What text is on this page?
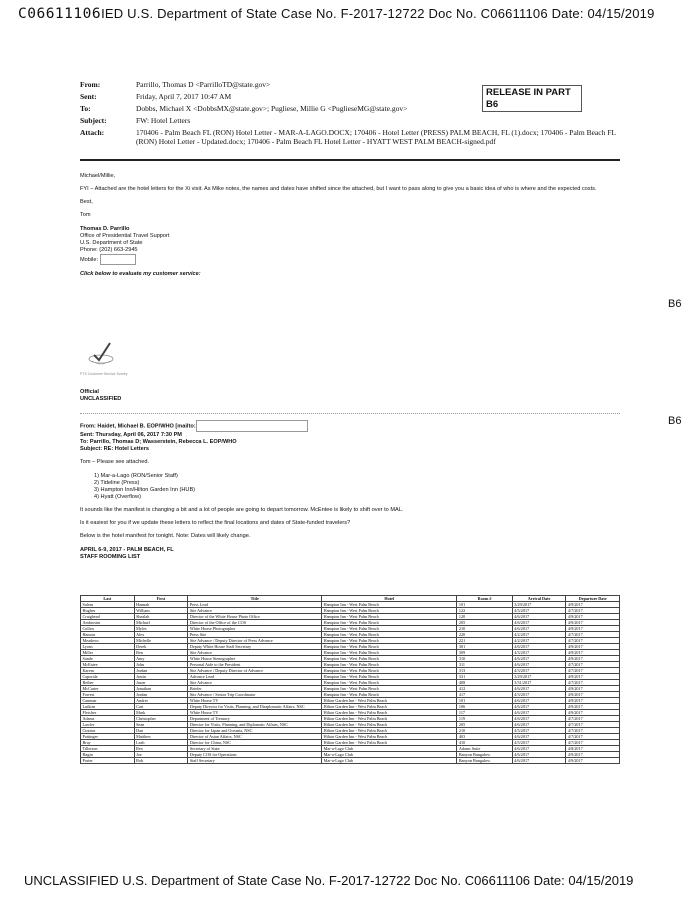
C06611106IED U.S. Department of State Case No. F-2017-12722 Doc No. C06611106 Date: 04/15/2019
From:	Parrillo, Thomas D <ParrilloTD@state.gov>
Sent:	Friday, April 7, 2017 10:47 AM
To:	Dobbs, Michael X <DobbsMX@state.gov>; Pugliese, Millie G <PuglieseMG@state.gov>
Subject:	FW: Hotel Letters
Attach:	170406 - Palm Beach FL (RON) Hotel Letter - MAR-A-LAGO.DOCX; 170406 - Hotel Letter (PRESS) PALM BEACH, FL (1).docx; 170406 - Palm Beach FL (RON) Hotel Letter - Updated.docx; 170406 - Palm Beach FL Hotel Letter - HYATT WEST PALM BEACH-signed.pdf
RELEASE IN PART
B6
Michael/Millie,
FYI – Attached are the hotel letters for the Xi visit. As Mike notes, the names and dates have shifted since the attached, but I want to pass along to give you a basic idea of who is where and the expected costs.
Best,
Tom
Thomas D. Parrillo
Office of Presidential Travel Support
U.S. Department of State
Phone: (202) 663-2945
Mobile:
Click below to evaluate my customer service:
B6
PTS Customer Service Survey
Official
UNCLASSIFIED
B6
From: Haidet, Michael B. EOP/WHO [mailto:
Sent: Thursday, April 06, 2017 7:30 PM
To: Parrillo, Thomas D; Wasserstein, Rebecca L. EOP/WHO
Subject: RE: Hotel Letters
Tom – Please see attached.
1) Mar-a-Lago (RON/Senior Staff)
2) Tideline (Press)
3) Hampton Inn/Hilton Garden Inn (HUB)
4) Hyatt (Overflow)
It sounds like the manifest is changing a bit and a lot of people are going to depart tomorrow. McEntee is likely to shift over to MAL.
Is it easiest for you if we update these letters to reflect the final locations and dates of State-funded travelers?
Below is the hotel manifest for tonight. Note: Dates will likely change.
APRIL 6-9, 2017 - PALM BEACH, FL
STAFF ROOMING LIST
Last	First	Title	Hotel	Room #	Arrival Date	Departure Date
Salem	Hannah	Press Lead	Hampton Inn - West Palm Beach	101	3/29/2017	4/9/2017
Hughes	William	Site Advance	Hampton Inn - West Palm Beach	122	4/5/2017	4/7/2017
Craighead	Shealah	Director of the White House Photo Office	Hampton Inn - West Palm Beach	120	4/6/2017	4/9/2017
Ambrosini	Michael	Director of the Office of the COS	Hampton Inn - West Palm Beach	205	4/6/2017	4/9/2017
Cullen	Myles	White House Photographer	Hampton Inn - West Palm Beach	210	4/6/2017	4/9/2017
Hanson	Alex	Press Site	Hampton Inn - West Palm Beach	220	4/2/2017	4/7/2017
Meadows	Michelle	Site Advance / Deputy Director of Press Advance	Hampton Inn - West Palm Beach	221	4/2/2017	4/7/2017
Lyons	Derek	Deputy White House Staff Secretary	Hampton Inn - West Palm Beach	301	4/6/2017	4/9/2017
Miller	Ben	Site Advance	Hampton Inn - West Palm Beach	309	4/3/2017	4/9/2017
Sande	Amy	White House Stenographer	Hampton Inn - West Palm Beach	310	4/6/2017	4/9/2017
McEntee	John	Personal Aide to the President	Hampton Inn - West Palm Beach	311	4/6/2017	4/7/2017
Karem	Jordan	Site Advance / Deputy Director of Advance	Hampton Inn - West Palm Beach	313	4/3/2017	4/7/2017
Caporale	Justin	Advance Lead	Hampton Inn - West Palm Beach	331	3/29/2017	4/9/2017
Reiber	Jason	Site Advance	Hampton Inn - West Palm Beach	408	3/31/2017	4/7/2017
McCarter	Jonathan	Briefer	Hampton Inn - West Palm Beach	412	4/6/2017	4/9/2017
Forrest	Jordan	Site Advance / Senior Trip Coordinator	Hampton Inn - West Palm Beach	417	4/3/2017	4/9/2017
Cannuar	Andrei	White House TV	Hilton Garden Inn - West Palm Beach	101	4/6/2017	4/9/2017
Lutkins	Cari	Deputy Director for Visits, Planning, and Diraplomatic Affairs, NSC	Hilton Garden Inn - West Palm Beach	106	4/6/2017	4/9/2017
Fletcher	Mark	White House TV	Hilton Garden Inn - West Palm Beach	117	4/6/2017	4/9/2017
Adams	Christopher	Department of Treasury	Hilton Garden Inn - West Palm Beach	119	4/6/2017	4/7/2017
Lawler	Sean	Director for Visits, Planning, and Diplomatic Affairs, NSC	Hilton Garden Inn - West Palm Beach	205	4/6/2017	4/7/2017
Cintron	Dan	Director for Japan and Oceania, NSC	Hilton Garden Inn - West Palm Beach	210	4/5/2017	4/7/2017
Pottinger	Matthew	Director of Asian Affairs, NSC	Hilton Garden Inn - West Palm Beach	403	4/6/2017	4/7/2017
Bray	Leah	Director for China, NSC	Hilton Garden Inn - West Palm Beach	410	4/5/2017	4/7/2017
Tillerson	Rex	Secretary of State	Mar-a-Lago Club	Adams Suite	4/6/2017	4/8/2017
Hagin	Joe	Deputy COS for Operations	Mar-a-Lago Club	Banyon Bungalow	4/6/2017	4/9/2017
Porter	Rob	Staff Secretary	Mar-a-Lago Club	Banyon Bungalow	4/6/2017	4/9/2017
UNCLASSIFIED U.S. Department of State Case No. F-2017-12722 Doc No. C06611106 Date: 04/15/2019
